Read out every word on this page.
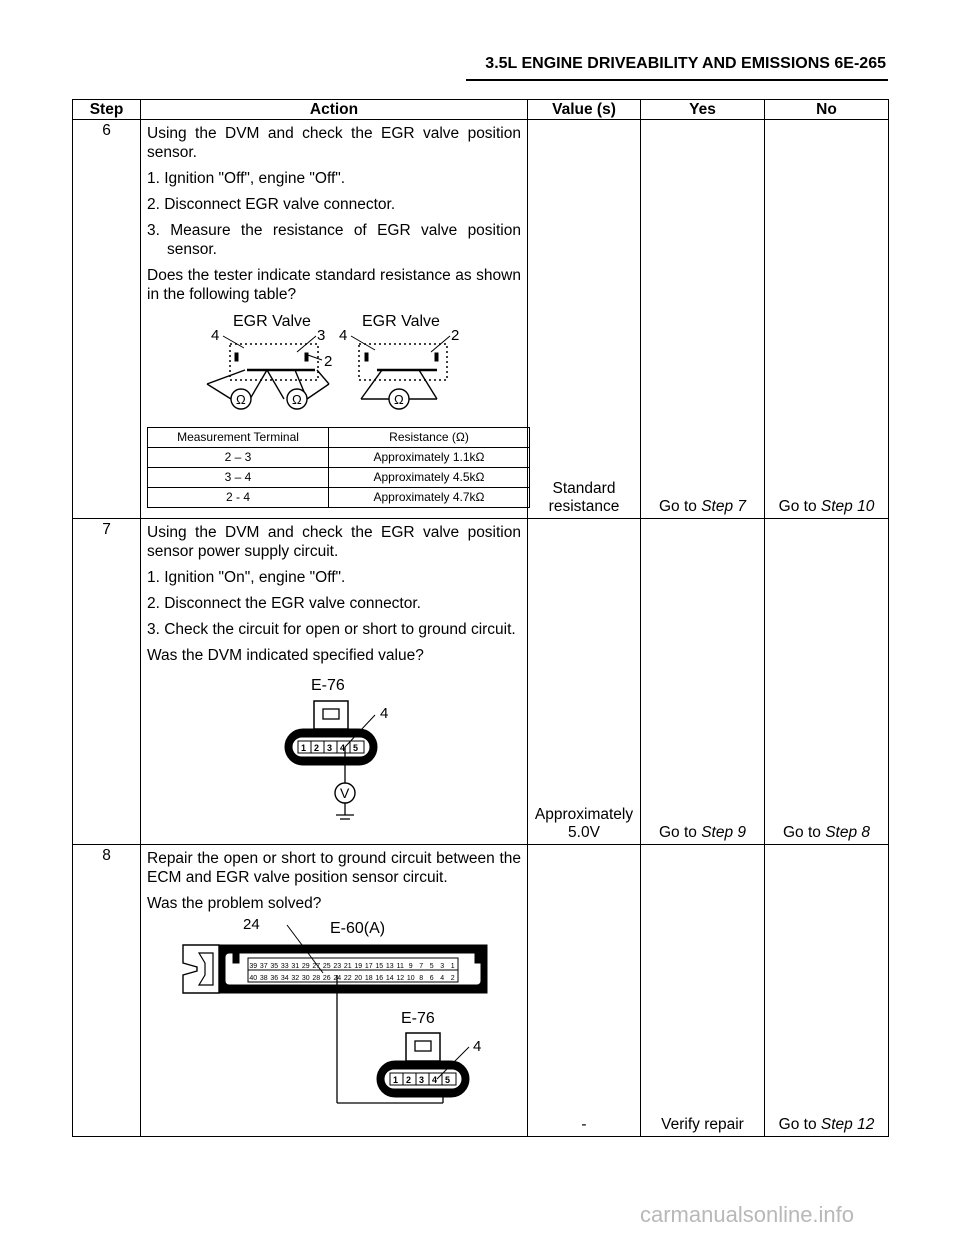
3.5L ENGINE DRIVEABILITY AND EMISSIONS 6E-265
Step	Action	Value (s)	Yes	No
6	Using the DVM and check the EGR valve position sensor.

1. Ignition "Off", engine "Off".
2. Disconnect EGR valve connector.
3. Measure the resistance of EGR valve position sensor.

Does the tester indicate standard resistance as shown in the following table?

EGR Valve
4	3
2
Ω	Ω
EGR Valve
4	2
Ω
Measurement Terminal	Resistance (Ω)
2 – 3	Approximately 1.1kΩ
3 – 4	Approximately 4.5kΩ
2 - 4	Approximately 4.7kΩ
		Standard resistance	Go to Step 7	Go to Step 10
7	Using the DVM and check the EGR valve position sensor power supply circuit.

1. Ignition "On", engine "Off".
2. Disconnect the EGR valve connector.
3. Check the circuit for open or short to ground circuit.

Was the DVM indicated specified value?

E-76
4
1 2 3 4 5
V
	Approximately 5.0V	Go to Step 9	Go to Step 8
8	Repair the open or short to ground circuit between the ECM and EGR valve position sensor circuit.

Was the problem solved?

24	E-60(A)
39 37 35 33 31 29 27 25 23 21 19 17 15 13 11 9 7 5 3 1
40 38 36 34 32 30 28 26 24 22 20 18 16 14 12 10 8 6 4 2
E-76
4
1 2 3 4 5
	-	Verify repair	Go to Step 12
carmanualsonline.info
